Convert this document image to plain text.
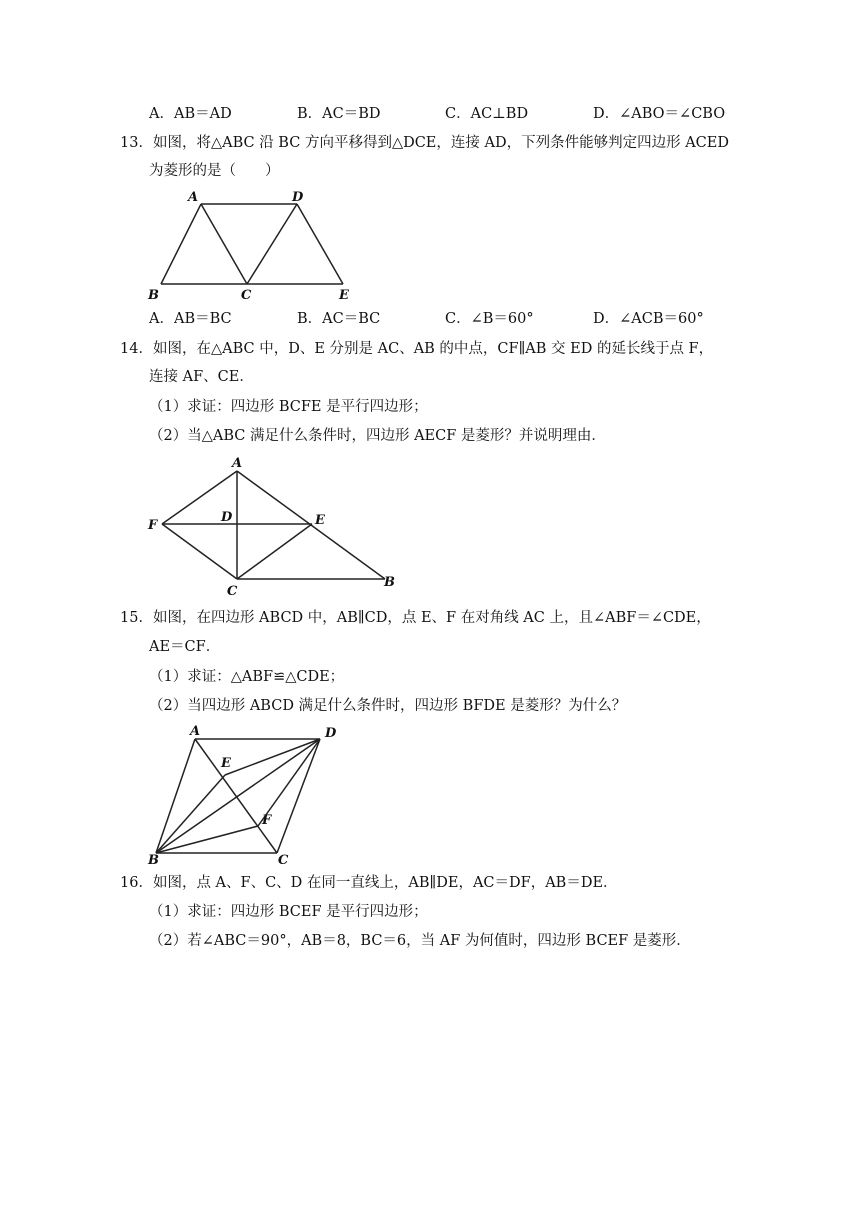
A．AB＝AD	B．AC＝BD	C．AC⊥BD	D．∠ABO＝∠CBO
13．如图，将△ABC 沿 BC 方向平移得到△DCE，连接 AD，下列条件能够判定四边形 ACED
为菱形的是（　　）
A	D
B	C	E
A．AB＝BC	B．AC＝BC	C．∠B＝60°	D．∠ACB＝60°
14．如图，在△ABC 中，D、E 分别是 AC、AB 的中点，CF∥AB 交 ED 的延长线于点 F，
连接 AF、CE．
（1）求证：四边形 BCFE 是平行四边形；
（2）当△ABC 满足什么条件时，四边形 AECF 是菱形？并说明理由．
A
F
D	E
C
B
15．如图，在四边形 ABCD 中，AB∥CD，点 E、F 在对角线 AC 上，且∠ABF＝∠CDE，
AE＝CF．
（1）求证：△ABF≌△CDE；
（2）当四边形 ABCD 满足什么条件时，四边形 BFDE 是菱形？为什么？
A	D
E
F
B	C
16．如图，点 A、F、C、D 在同一直线上，AB∥DE，AC＝DF，AB＝DE．
（1）求证：四边形 BCEF 是平行四边形；
（2）若∠ABC＝90°，AB＝8，BC＝6，当 AF 为何值时，四边形 BCEF 是菱形．
